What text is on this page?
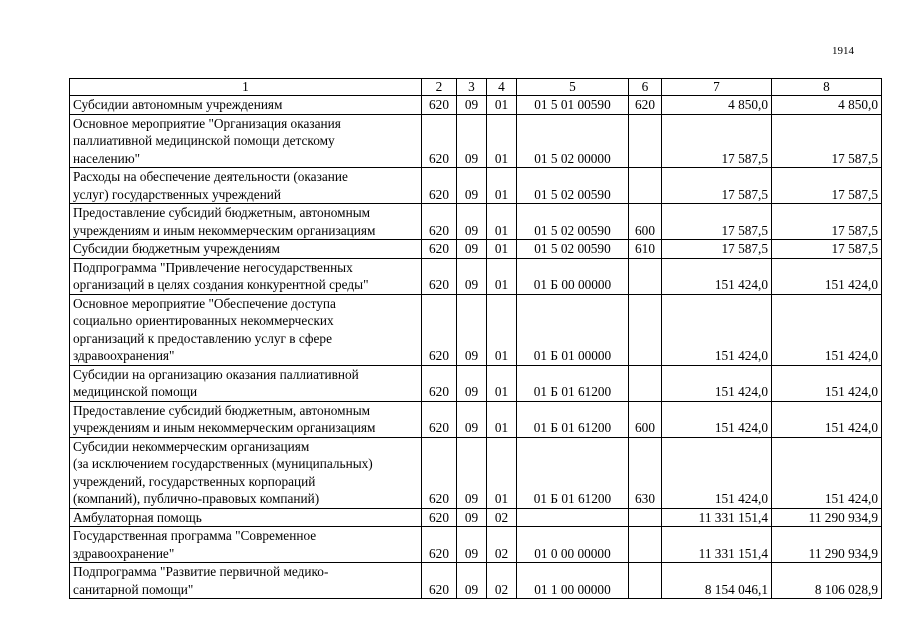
1914
1	2	3	4	5	6	7	8
Субсидии автономным учреждениям	620	09	01	01 5 01 00590	620	4 850,0	4 850,0
Основное мероприятие "Организация оказания
паллиативной медицинской помощи детскому
населению"	620	09	01	01 5 02 00000		17 587,5	17 587,5
Расходы на обеспечение деятельности (оказание
услуг) государственных учреждений	620	09	01	01 5 02 00590		17 587,5	17 587,5
Предоставление субсидий бюджетным, автономным
учреждениям и иным некоммерческим организациям	620	09	01	01 5 02 00590	600	17 587,5	17 587,5
Субсидии бюджетным учреждениям	620	09	01	01 5 02 00590	610	17 587,5	17 587,5
Подпрограмма "Привлечение негосударственных
организаций в целях создания конкурентной среды"	620	09	01	01 Б 00 00000		151 424,0	151 424,0
Основное мероприятие "Обеспечение доступа
социально ориентированных некоммерческих
организаций к предоставлению услуг в сфере
здравоохранения"	620	09	01	01 Б 01 00000		151 424,0	151 424,0
Субсидии на организацию оказания паллиативной
медицинской помощи	620	09	01	01 Б 01 61200		151 424,0	151 424,0
Предоставление субсидий бюджетным, автономным
учреждениям и иным некоммерческим организациям	620	09	01	01 Б 01 61200	600	151 424,0	151 424,0
Субсидии некоммерческим организациям
(за исключением государственных (муниципальных)
учреждений, государственных корпораций
(компаний), публично-правовых компаний)	620	09	01	01 Б 01 61200	630	151 424,0	151 424,0
Амбулаторная помощь	620	09	02			11 331 151,4	11 290 934,9
Государственная программа "Современное
здравоохранение"	620	09	02	01 0 00 00000		11 331 151,4	11 290 934,9
Подпрограмма "Развитие первичной медико-
санитарной помощи"	620	09	02	01 1 00 00000		8 154 046,1	8 106 028,9
